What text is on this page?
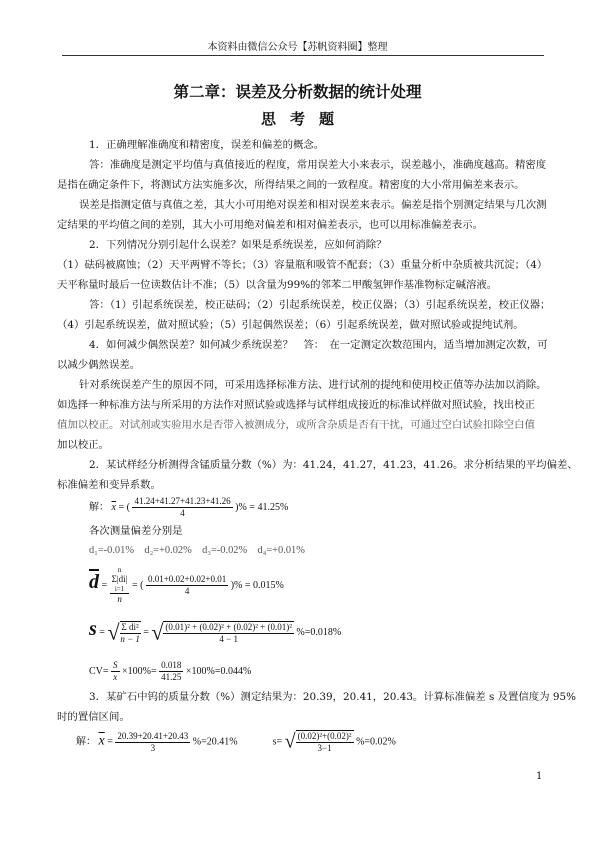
本资料由微信公众号【苏帆资料圈】整理
第二章：误差及分析数据的统计处理
思考题
1．正确理解准确度和精密度，误差和偏差的概念。
答：准确度是测定平均值与真值接近的程度，常用误差大小来表示，误差越小，准确度越高。精密度
是指在确定条件下，将测试方法实施多次，所得结果之间的一致程度。精密度的大小常用偏差来表示。
误差是指测定值与真值之差，其大小可用绝对误差和相对误差来表示。偏差是指个别测定结果与几次测
定结果的平均值之间的差别，其大小可用绝对偏差和相对偏差表示，也可以用标准偏差表示。
2．下列情况分别引起什么误差？如果是系统误差，应如何消除？
（1）砝码被腐蚀；（2）天平两臂不等长；（3）容量瓶和吸管不配套；（3）重量分析中杂质被共沉淀；（4）
天平称量时最后一位读数估计不准；（5）以含量为99%的邻苯二甲酸氢钾作基准物标定碱溶液。
答：（1）引起系统误差，校正砝码；（2）引起系统误差，校正仪器；（3）引起系统误差，校正仪器；
（4）引起系统误差，做对照试验；（5）引起偶然误差；（6）引起系统误差，做对照试验或提纯试剂。
4．如何减少偶然误差？如何减少系统误差？　答：　在一定测定次数范围内，适当增加测定次数，可
以减少偶然误差。
针对系统误差产生的原因不同，可采用选择标准方法、进行试剂的提纯和使用校正值等办法加以消除。
如选择一种标准方法与所采用的方法作对照试验或选择与试样组成接近的标准试样做对照试验，找出校正
值加以校正。对试剂或实验用水是否带入被测成分，或所含杂质是否有干扰，可通过空白试验扣除空白值
加以校正。
2．某试样经分析测得含锰质量分数（%）为：41.24，41.27，41.23，41.26。求分析结果的平均偏差、
标准偏差和变异系数。
解： $\overline{x}$ = ( $\frac{41.24+41.27+41.23+41.26}{4}$ )% = 41.25%
各次测量偏差分别是
d₁=-0.01%　d₂=+0.02%　d₃=-0.02%　d₄=+0.01%
$\overline{d} = n$
Σ|di|
i=1
n = ( $\frac{0.01+0.02+0.02+0.01}{4}$ )% = 0.015%
s = √ $\frac{\text{Σ di²}}{n - 1}$ = √ $\frac{\text{(0.01)² + (0.02)² + (0.02)² + (0.01)²}}{4 - 1} \%=0.018\%$
$CV= \frac{S}{x} \times 100\%= \frac{0.018}{41.25} \times 100\%=0.044\%$
3．某矿石中钨的质量分数（%）测定结果为：20.39，20.41，20.43。计算标准偏差 s 及置信度为 95%
时的置信区间。
解： $\overline{x} = \frac{20.39+20.41+20.43}{3} \%=20.41\%$	s= √ $\frac{\text{(0.02)²+(0.02)²}}{3-1} \%=0.02\%$
1
